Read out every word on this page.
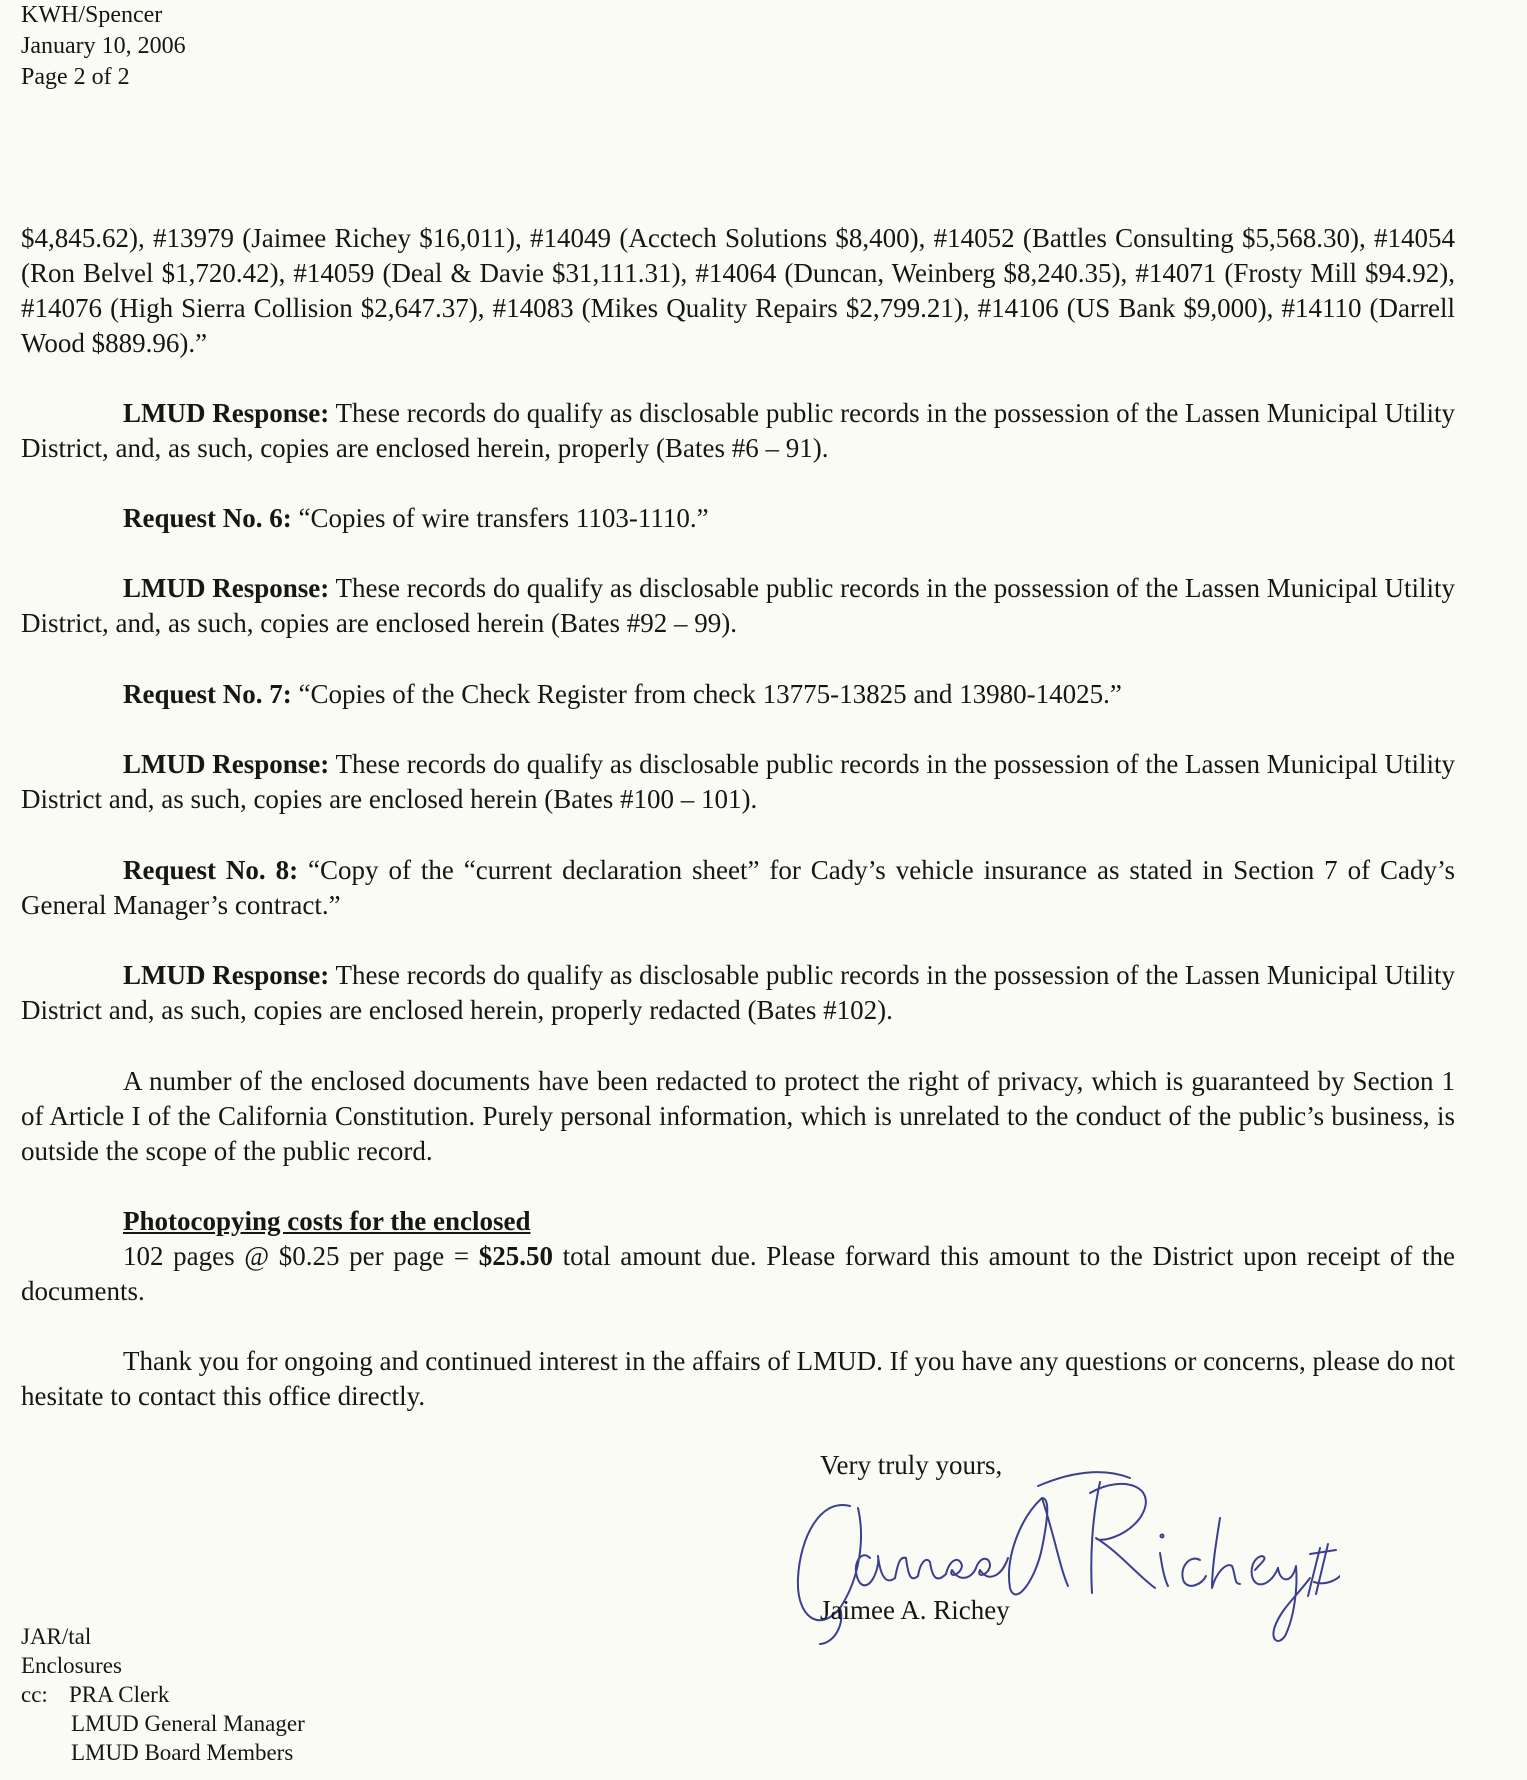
KWH/Spencer
January 10, 2006
Page 2 of 2

$4,845.62), #13979 (Jaimee Richey $16,011), #14049 (Acctech Solutions $8,400), #14052 (Battles Consulting $5,568.30), #14054 (Ron Belvel $1,720.42), #14059 (Deal & Davie $31,111.31), #14064 (Duncan, Weinberg $8,240.35), #14071 (Frosty Mill $94.92), #14076 (High Sierra Collision $2,647.37), #14083 (Mikes Quality Repairs $2,799.21), #14106 (US Bank $9,000), #14110 (Darrell Wood $889.96).”

LMUD Response: These records do qualify as disclosable public records in the possession of the Lassen Municipal Utility District, and, as such, copies are enclosed herein, properly (Bates #6 – 91).

Request No. 6: “Copies of wire transfers 1103-1110.”

LMUD Response: These records do qualify as disclosable public records in the possession of the Lassen Municipal Utility District, and, as such, copies are enclosed herein (Bates #92 – 99).

Request No. 7: “Copies of the Check Register from check 13775-13825 and 13980-14025.”

LMUD Response: These records do qualify as disclosable public records in the possession of the Lassen Municipal Utility District and, as such, copies are enclosed herein (Bates #100 – 101).

Request No. 8: “Copy of the “current declaration sheet” for Cady’s vehicle insurance as stated in Section 7 of Cady’s General Manager’s contract.”

LMUD Response: These records do qualify as disclosable public records in the possession of the Lassen Municipal Utility District and, as such, copies are enclosed herein, properly redacted (Bates #102).

A number of the enclosed documents have been redacted to protect the right of privacy, which is guaranteed by Section 1 of Article I of the California Constitution. Purely personal information, which is unrelated to the conduct of the public’s business, is outside the scope of the public record.

Photocopying costs for the enclosed

102 pages @ $0.25 per page = $25.50 total amount due. Please forward this amount to the District upon receipt of the documents.

Thank you for ongoing and continued interest in the affairs of LMUD. If you have any questions or concerns, please do not hesitate to contact this office directly.

Very truly yours,
Jaimee A. Richey
JAR/tal
Enclosures
cc: PRA Clerk
LMUD General Manager
LMUD Board Members
